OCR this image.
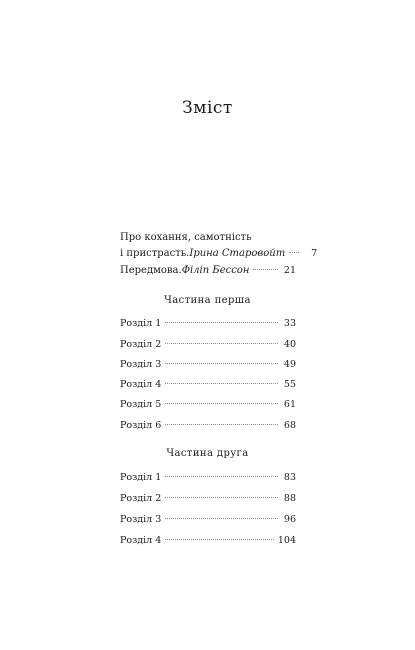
Зміст
Про кохання, самотність
і пристрасть. Ірина Старовойт	7
Передмова. Філіп Бессон	21
Частина перша
Розділ 1	33
Розділ 2	40
Розділ 3	49
Розділ 4	55
Розділ 5	61
Розділ 6	68
Частина друга
Розділ 1	83
Розділ 2	88
Розділ 3	96
Розділ 4	104
